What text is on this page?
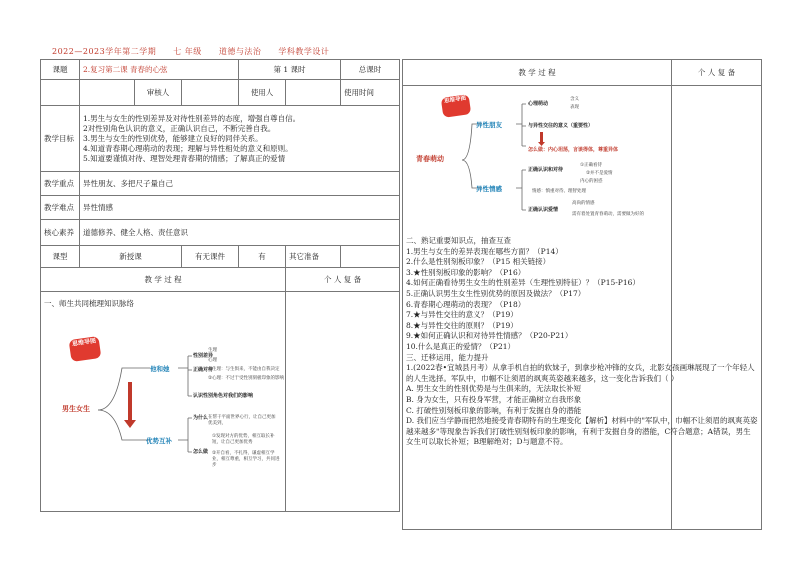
2022—2023学年第二学期 七 年级 道德与法治 学科教学设计
课题	2.复习第二课 青春的心弦			第 1 课时		总课时
		审核人		使用人		使用时间
教学目标	1.男生与女生的性别差异及对待性别差异的态度，增强自尊自信。
2对性别角色认识的意义，正确认识自己，不断完善自我。
3.男生与女生的性别优势，能够建立良好的同伴关系。
4.知道青春期心理萌动的表现；理解与异性相处的意义和原则。
5.知道要谨慎对待、理智处理青春期的情感；了解真正的爱情					

教学重点	异性朋友、多把尺子量自己					
教学难点	异性情感					
核心素养	道德修养、健全人格、责任意识					
课型	新授课		有无课件	有	其它准备	
教 学 过 程					个 人 复 备	

一、师生共同梳理知识脉络						

思维导图
男生女生
他和她
优势互补
性别差异
正确对待
认识性别角色对我们的影响
为什么
怎么做
生理
心理
①生理：与生俱来，不能由自我决定
②心理：不过于受性别刻板印象的影响
在帮干平面世界心行，让自己更加优美到，
①发现对方的优势，相互取长补短，让自己更加优秀
②开自看，不扎得，谦虚相互学业，相互尊重，相互学习，共同进步
教 学 过 程	个 人 复 备

思维导图
青春萌动
异性朋友
异性情感
心理萌动
与异性交往的意义（重要性）
怎么做：内心坦荡，言谈得体，尊重异体
含义
表现
正确认识和对待
正确认识爱情
①正确看待
②并不是爱情
内心的困惑
情感：慎重对待、理智处理
高尚的情感
需有着处置青春萌动，需要做为好的
二、熟记重要知识点，抽查互查
1.男生与女生的差异表现在哪些方面？（P14）
2.什么是性别刻板印象？（P15 相关链接）
3.★性别刻板印象的影响？（P16）
4.如何正确看待男生女生的性别差异（生理性别特征）？（P15-P16）
5.正确认识男生女生性别优势的原因及做法？（P17）
6.青春期心理萌动的表现？（P18）
7.★与异性交往的意义？（P19）
8.★与异性交往的原则？（P19）
9.★如何正确认识和对待异性情感？（P20-P21）
10.什么是真正的爱情？（P21）
三、迁移运用，能力提升
1.(2022春•宜城县月考）从拿手机自拍的软妹子，到拿步枪冲锋的女兵，北影女孩画琳展现了一个年轻人的人生选择。军队中，巾帼不让须眉的飒爽英姿越来越多，这一变化告诉我们（ ）
A. 男生女生的性别优势是与生俱来的，无法取长补短
B. 身为女生，只有投身军营，才能正确树立自我形象
C. 打破性别刻板印象的影响，有利于发掘自身的潜能
D. 我们应当学静而把然地接受青春期特有的生理变化【解析】材料中的"军队中，巾帼不让须眉的飒爽英姿越来越多"等现象告诉我们打破性别刻板印象的影响，有利于发掘自身的潜能，C符合题意；A错误，男生女生可以取长补短；B理解绝对；D与题意不符。
